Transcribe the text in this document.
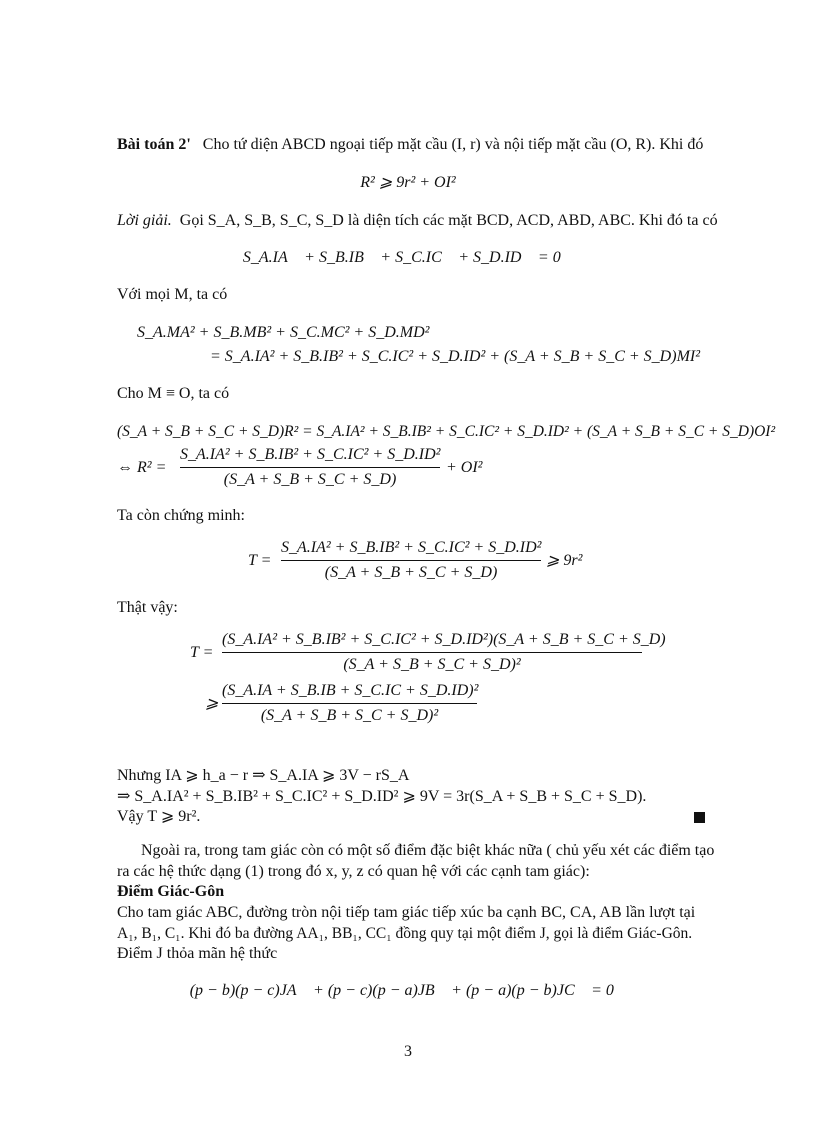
Bài toán 2' Cho tứ diện ABCD ngoại tiếp mặt cầu (I, r) và nội tiếp mặt cầu (O, R). Khi đó
R² ⩾ 9r² + OI²
Lời giải. Gọi S_A, S_B, S_C, S_D là diện tích các mặt BCD, ACD, ABD, ABC. Khi đó ta có
S_A.IA⃗ + S_B.IB⃗ + S_C.IC⃗ + S_D.ID⃗ = 0⃗
Với mọi M, ta có
S_A.MA² + S_B.MB² + S_C.MC² + S_D.MD²
= S_A.IA² + S_B.IB² + S_C.IC² + S_D.ID² + (S_A + S_B + S_C + S_D)MI²
Cho M ≡ O, ta có
(S_A + S_B + S_C + S_D)R² = S_A.IA² + S_B.IB² + S_C.IC² + S_D.ID² + (S_A + S_B + S_C + S_D)OI²
⇔ R² =
S_A.IA² + S_B.IB² + S_C.IC² + S_D.ID²
(S_A + S_B + S_C + S_D)
+ OI²
Ta còn chứng minh:
T =
S_A.IA² + S_B.IB² + S_C.IC² + S_D.ID²
(S_A + S_B + S_C + S_D)
⩾ 9r²
Thật vậy:
T =
(S_A.IA² + S_B.IB² + S_C.IC² + S_D.ID²)(S_A + S_B + S_C + S_D)
(S_A + S_B + S_C + S_D)²
⩾
(S_A.IA + S_B.IB + S_C.IC + S_D.ID)²
(S_A + S_B + S_C + S_D)²
Nhưng IA ⩾ h_a − r ⇒ S_A.IA ⩾ 3V − rS_A
⇒ S_A.IA² + S_B.IB² + S_C.IC² + S_D.ID² ⩾ 9V = 3r(S_A + S_B + S_C + S_D).
Vậy T ⩾ 9r².
Ngoài ra, trong tam giác còn có một số điểm đặc biệt khác nữa ( chủ yếu xét các điểm tạo
ra các hệ thức dạng (1) trong đó x, y, z có quan hệ với các cạnh tam giác):
Điểm Giác-Gôn
Cho tam giác ABC, đường tròn nội tiếp tam giác tiếp xúc ba cạnh BC, CA, AB lần lượt tại
A₁, B₁, C₁. Khi đó ba đường AA₁, BB₁, CC₁ đồng quy tại một điểm J, gọi là điểm Giác-Gôn.
Điểm J thỏa mãn hệ thức
(p − b)(p − c)JA⃗ + (p − c)(p − a)JB⃗ + (p − a)(p − b)JC⃗ = 0⃗
3
